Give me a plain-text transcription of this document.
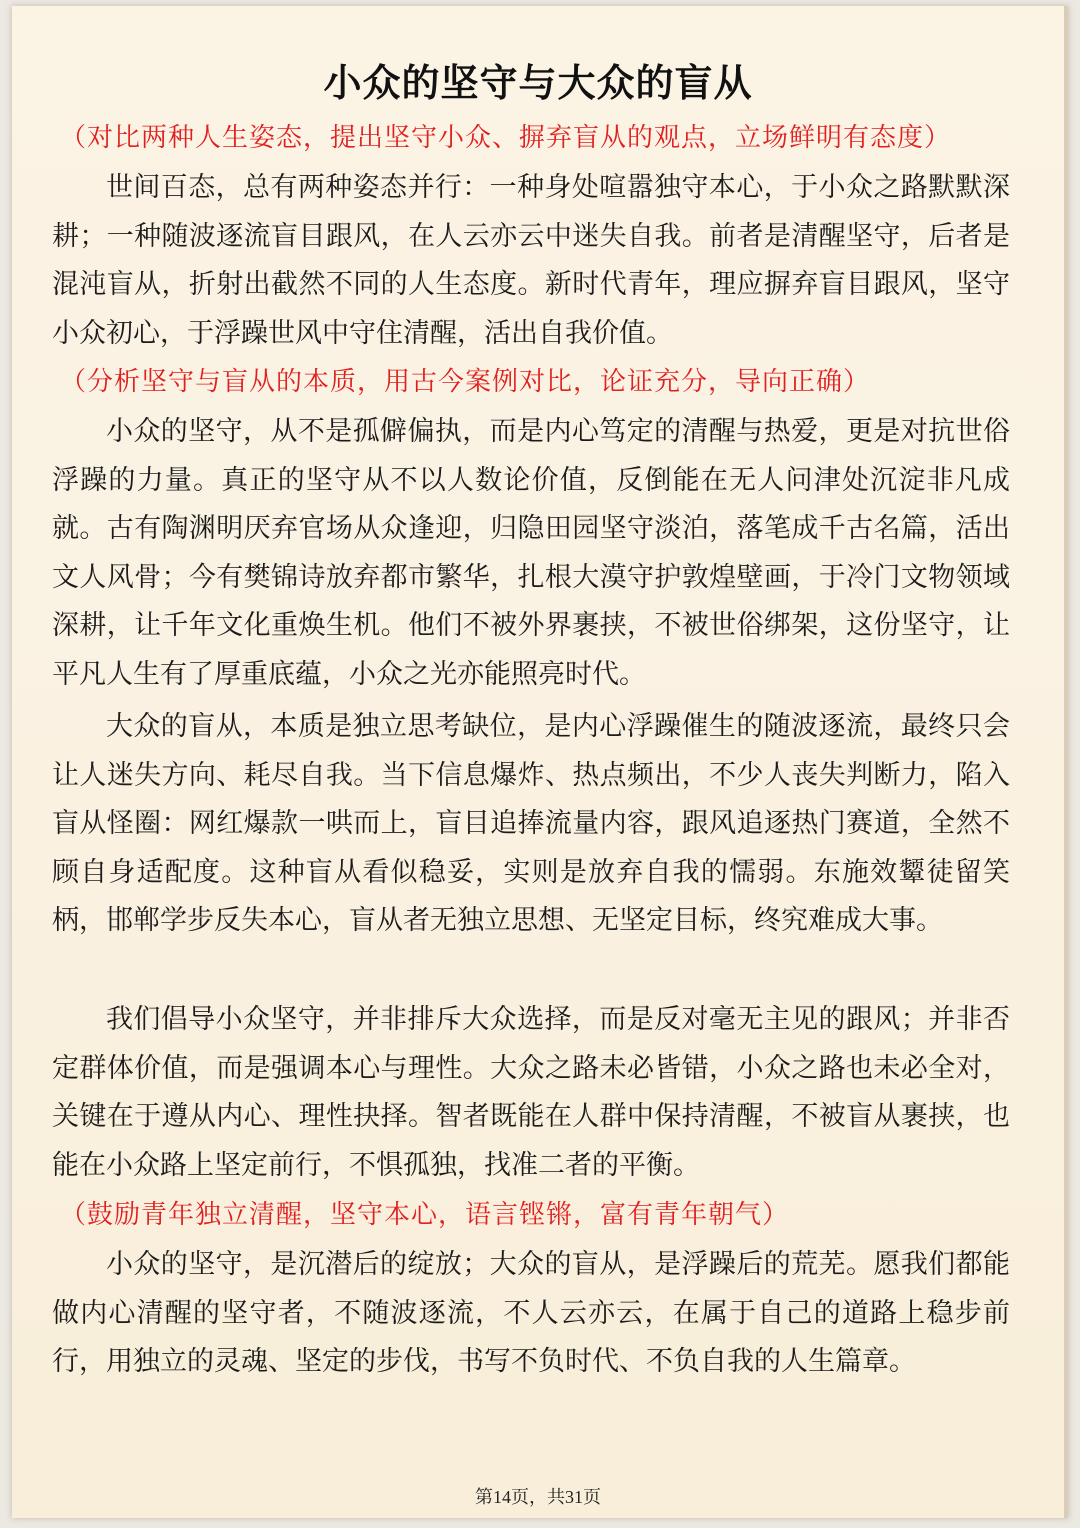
小众的坚守与大众的盲从
（对比两种人生姿态，提出坚守小众、摒弃盲从的观点，立场鲜明有态度）

世间百态，总有两种姿态并行：一种身处喧嚣独守本心，于小众之路默默深耕；一种随波逐流盲目跟风，在人云亦云中迷失自我。前者是清醒坚守，后者是混沌盲从，折射出截然不同的人生态度。新时代青年，理应摒弃盲目跟风，坚守小众初心，于浮躁世风中守住清醒，活出自我价值。

（分析坚守与盲从的本质，用古今案例对比，论证充分，导向正确）

小众的坚守，从不是孤僻偏执，而是内心笃定的清醒与热爱，更是对抗世俗浮躁的力量。真正的坚守从不以人数论价值，反倒能在无人问津处沉淀非凡成就。古有陶渊明厌弃官场从众逢迎，归隐田园坚守淡泊，落笔成千古名篇，活出文人风骨；今有樊锦诗放弃都市繁华，扎根大漠守护敦煌壁画，于冷门文物领域深耕，让千年文化重焕生机。他们不被外界裹挟，不被世俗绑架，这份坚守，让平凡人生有了厚重底蕴，小众之光亦能照亮时代。

大众的盲从，本质是独立思考缺位，是内心浮躁催生的随波逐流，最终只会让人迷失方向、耗尽自我。当下信息爆炸、热点频出，不少人丧失判断力，陷入盲从怪圈：网红爆款一哄而上，盲目追捧流量内容，跟风追逐热门赛道，全然不顾自身适配度。这种盲从看似稳妥，实则是放弃自我的懦弱。东施效颦徒留笑柄，邯郸学步反失本心，盲从者无独立思想、无坚定目标，终究难成大事。

我们倡导小众坚守，并非排斥大众选择，而是反对毫无主见的跟风；并非否定群体价值，而是强调本心与理性。大众之路未必皆错，小众之路也未必全对，关键在于遵从内心、理性抉择。智者既能在人群中保持清醒，不被盲从裹挟，也能在小众路上坚定前行，不惧孤独，找准二者的平衡。

（鼓励青年独立清醒，坚守本心，语言铿锵，富有青年朝气）

小众的坚守，是沉潜后的绽放；大众的盲从，是浮躁后的荒芜。愿我们都能做内心清醒的坚守者，不随波逐流，不人云亦云，在属于自己的道路上稳步前行，用独立的灵魂、坚定的步伐，书写不负时代、不负自我的人生篇章。

第14页，共31页
